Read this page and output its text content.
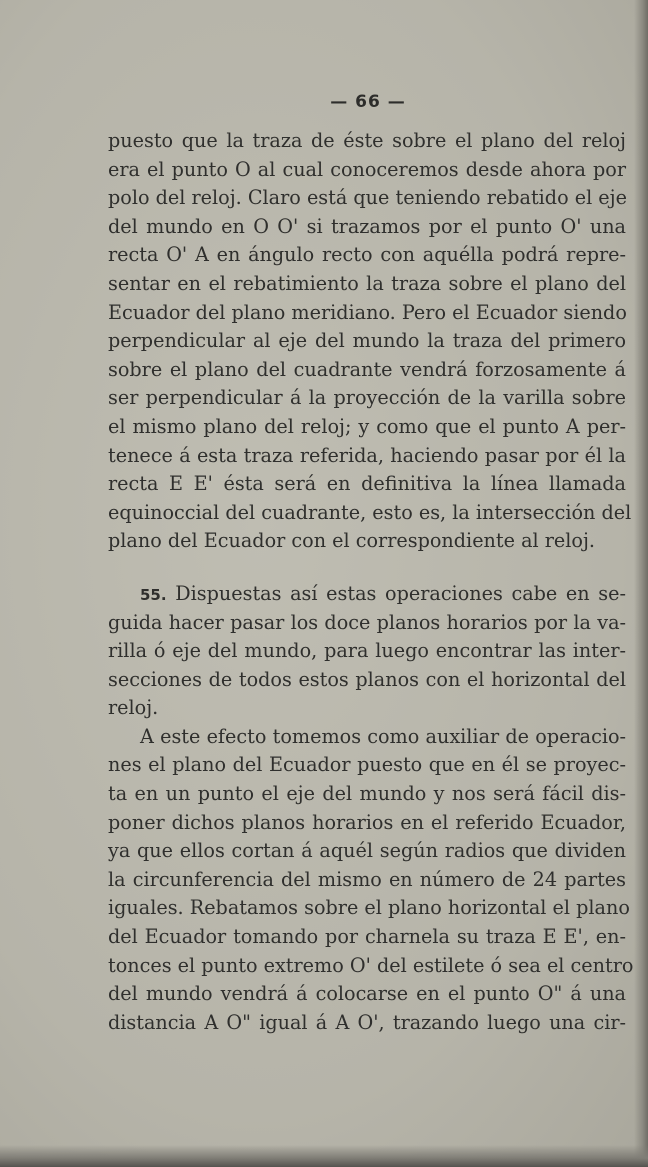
— 66 —
puesto que la traza de éste sobre el plano del reloj
era el punto O al cual conoceremos desde ahora por
polo del reloj. Claro está que teniendo rebatido el eje
del mundo en O O' si trazamos por el punto O' una
recta O' A en ángulo recto con aquélla podrá repre-
sentar en el rebatimiento la traza sobre el plano del
Ecuador del plano meridiano. Pero el Ecuador siendo
perpendicular al eje del mundo la traza del primero
sobre el plano del cuadrante vendrá forzosamente á
ser perpendicular á la proyección de la varilla sobre
el mismo plano del reloj; y como que el punto A per-
tenece á esta traza referida, haciendo pasar por él la
recta E E' ésta será en definitiva la línea llamada
equinoccial del cuadrante, esto es, la intersección del
plano del Ecuador con el correspondiente al reloj.
55. Dispuestas así estas operaciones cabe en se-
guida hacer pasar los doce planos horarios por la va-
rilla ó eje del mundo, para luego encontrar las inter-
secciones de todos estos planos con el horizontal del
reloj.
A este efecto tomemos como auxiliar de operacio-
nes el plano del Ecuador puesto que en él se proyec-
ta en un punto el eje del mundo y nos será fácil dis-
poner dichos planos horarios en el referido Ecuador,
ya que ellos cortan á aquél según radios que dividen
la circunferencia del mismo en número de 24 partes
iguales. Rebatamos sobre el plano horizontal el plano
del Ecuador tomando por charnela su traza E E', en-
tonces el punto extremo O' del estilete ó sea el centro
del mundo vendrá á colocarse en el punto O" á una
distancia A O" igual á A O', trazando luego una cir-
